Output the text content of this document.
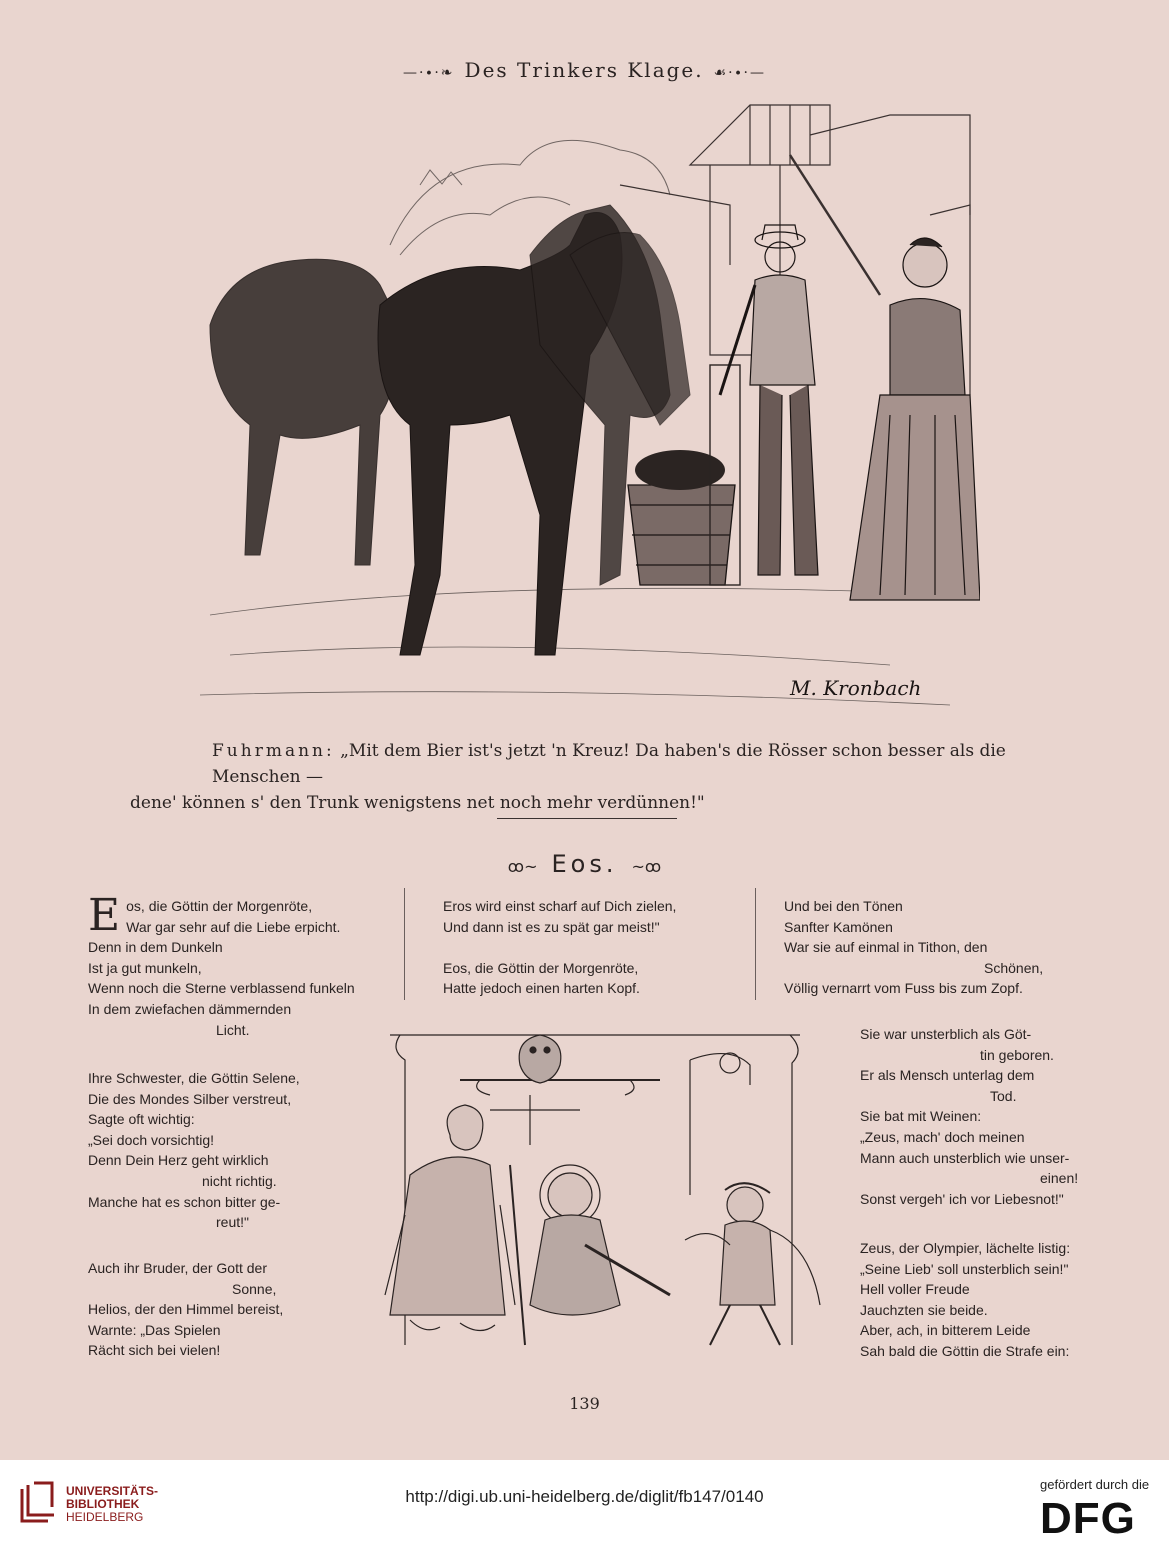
—·∙·❧ Des Trinkers Klage. ☙·∙·—
M. Kronbach
Fuhrmann: „Mit dem Bier ist's jetzt 'n Kreuz! Da haben's die Rösser schon besser als die Menschen —
dene' können s' den Trunk wenigstens net noch mehr verdünnen!"
ꝏ~ Eos. ~ꝏ
E os, die Göttin der Morgenröte,
War gar sehr auf die Liebe erpicht.
Denn in dem Dunkeln
Ist ja gut munkeln,
Wenn noch die Sterne verblassend funkeln
In dem zwiefachen dämmernden
Licht.
Ihre Schwester, die Göttin Selene,
Die des Mondes Silber verstreut,
Sagte oft wichtig:
„Sei doch vorsichtig!
Denn Dein Herz geht wirklich
nicht richtig.
Manche hat es schon bitter ge-
reut!"
Auch ihr Bruder, der Gott der
Sonne,
Helios, der den Himmel bereist,
Warnte: „Das Spielen
Rächt sich bei vielen!
Eros wird einst scharf auf Dich zielen,
Und dann ist es zu spät gar meist!"
Eos, die Göttin der Morgenröte,
Hatte jedoch einen harten Kopf.
Und bei den Tönen
Sanfter Kamönen
War sie auf einmal in Tithon, den
Schönen,
Völlig vernarrt vom Fuss bis zum Zopf.
Sie war unsterblich als Göt-
tin geboren.
Er als Mensch unterlag dem
Tod.
Sie bat mit Weinen:
„Zeus, mach' doch meinen
Mann auch unsterblich wie unser-
einen!
Sonst vergeh' ich vor Liebesnot!"
Zeus, der Olympier, lächelte listig:
„Seine Lieb' soll unsterblich sein!"
Hell voller Freude
Jauchzten sie beide.
Aber, ach, in bitterem Leide
Sah bald die Göttin die Strafe ein:
139
UNIVERSITÄTS-
BIBLIOTHEK
HEIDELBERG
http://digi.ub.uni-heidelberg.de/diglit/fb147/0140
gefördert durch die
DFG
